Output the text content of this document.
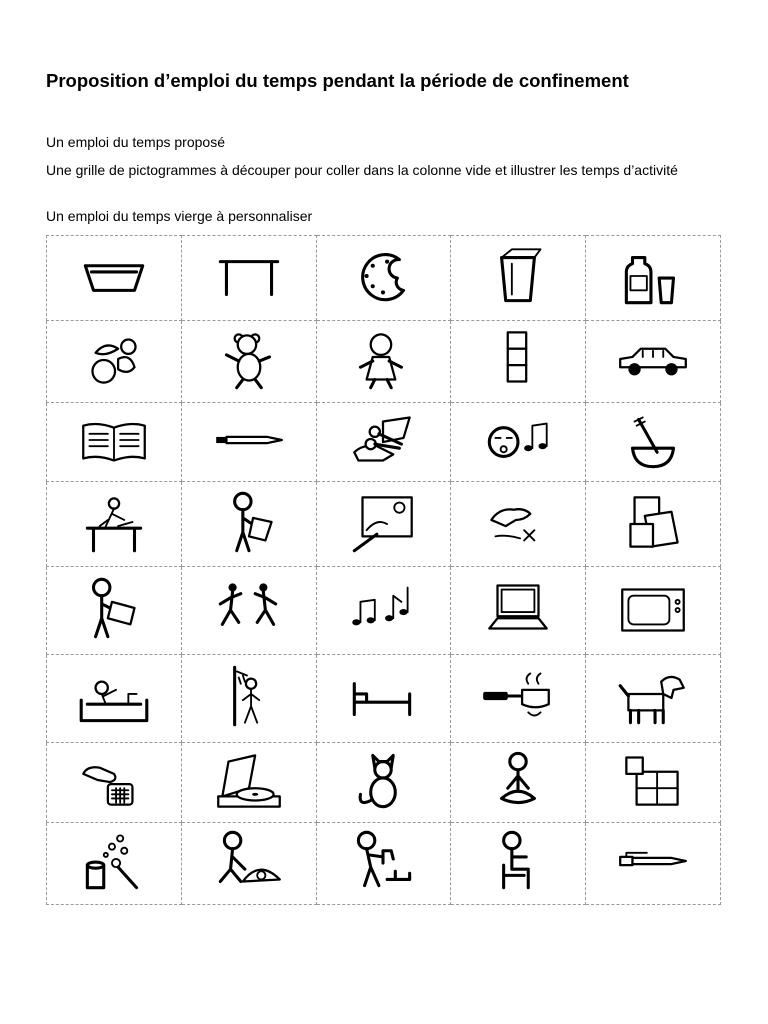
Proposition d’emploi du temps pendant la période de confinement

Un emploi du temps proposé

Une grille de pictogrammes à découper pour coller dans la colonne vide et illustrer les temps d’activité

Un emploi du temps vierge à personnaliser
